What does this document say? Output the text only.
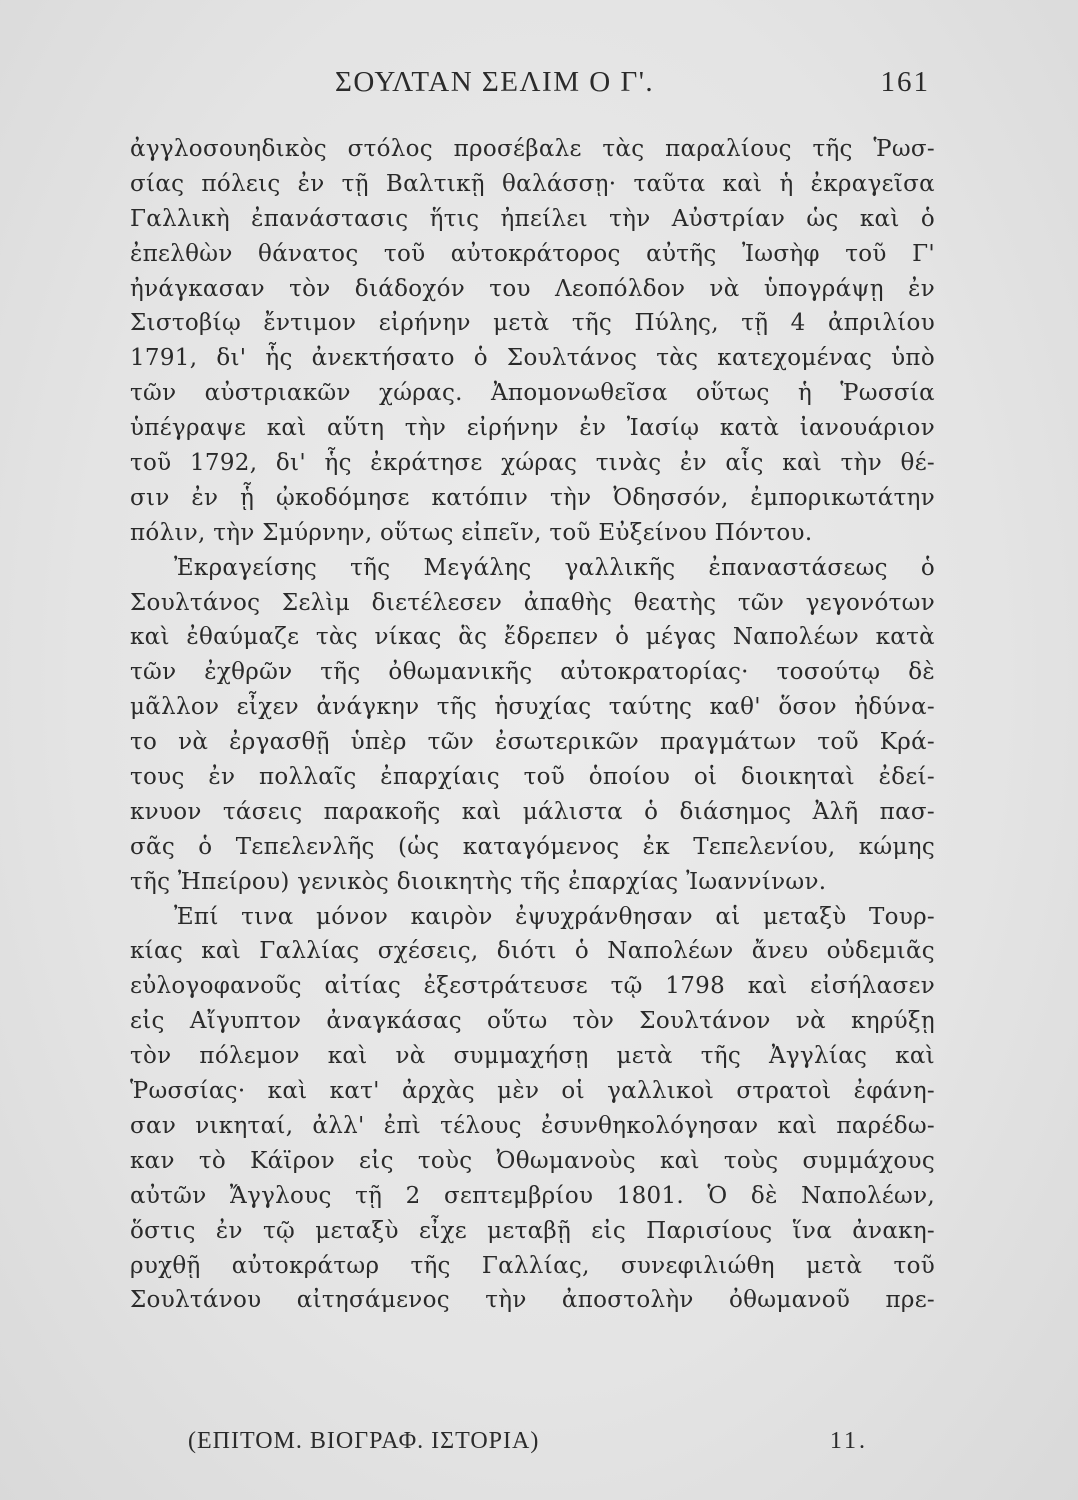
ΣΟΥΛΤΑΝ ΣΕΛΙΜ Ο Γ'.	161
ἀγγλοσουηδικὸς στόλος προσέβαλε τὰς παραλίους τῆς Ῥωσ-
σίας πόλεις ἐν τῇ Βαλτικῇ θαλάσσῃ· ταῦτα καὶ ἡ ἐκραγεῖσα
Γαλλικὴ ἐπανάστασις ἥτις ἠπείλει τὴν Αὐστρίαν ὡς καὶ ὁ
ἐπελθὼν θάνατος τοῦ αὐτοκράτορος αὐτῆς Ἰωσὴφ τοῦ Γ'
ἠνάγκασαν τὸν διάδοχόν του Λεοπόλδον νὰ ὑπογράψῃ ἐν
Σιστοβίῳ ἔντιμον εἰρήνην μετὰ τῆς Πύλης, τῇ 4 ἀπριλίου
1791, δι' ἧς ἀνεκτήσατο ὁ Σουλτάνος τὰς κατεχομένας ὑπὸ
τῶν αὐστριακῶν χώρας. Ἀπομονωθεῖσα οὕτως ἡ Ῥωσσία
ὑπέγραψε καὶ αὕτη τὴν εἰρήνην ἐν Ἰασίῳ κατὰ ἰανουάριον
τοῦ 1792, δι' ἧς ἐκράτησε χώρας τινὰς ἐν αἷς καὶ τὴν θέ-
σιν ἐν ᾗ ᾠκοδόμησε κατόπιν τὴν Ὀδησσόν, ἐμπορικωτάτην
πόλιν, τὴν Σμύρνην, οὕτως εἰπεῖν, τοῦ Εὐξείνου Πόντου.
Ἐκραγείσης τῆς Μεγάλης γαλλικῆς ἐπαναστάσεως ὁ
Σουλτάνος Σελὶμ διετέλεσεν ἀπαθὴς θεατὴς τῶν γεγονότων
καὶ ἐθαύμαζε τὰς νίκας ἃς ἔδρεπεν ὁ μέγας Ναπολέων κατὰ
τῶν ἐχθρῶν τῆς ὀθωμανικῆς αὐτοκρατορίας· τοσούτῳ δὲ
μᾶλλον εἶχεν ἀνάγκην τῆς ἡσυχίας ταύτης καθ' ὅσον ἠδύνα-
το νὰ ἐργασθῇ ὑπὲρ τῶν ἐσωτερικῶν πραγμάτων τοῦ Κρά-
τους ἐν πολλαῖς ἐπαρχίαις τοῦ ὁποίου οἱ διοικηταὶ ἐδεί-
κνυον τάσεις παρακοῆς καὶ μάλιστα ὁ διάσημος Ἀλῆ πασ-
σᾶς ὁ Τεπελενλῆς (ὡς καταγόμενος ἐκ Τεπελενίου, κώμης
τῆς Ἠπείρου) γενικὸς διοικητὴς τῆς ἐπαρχίας Ἰωαννίνων.
Ἐπί τινα μόνον καιρὸν ἐψυχράνθησαν αἱ μεταξὺ Τουρ-
κίας καὶ Γαλλίας σχέσεις, διότι ὁ Ναπολέων ἄνευ οὐδεμιᾶς
εὐλογοφανοῦς αἰτίας ἐξεστράτευσε τῷ 1798 καὶ εἰσήλασεν
εἰς Αἴγυπτον ἀναγκάσας οὕτω τὸν Σουλτάνον νὰ κηρύξῃ
τὸν πόλεμον καὶ νὰ συμμαχήσῃ μετὰ τῆς Ἀγγλίας καὶ
Ῥωσσίας· καὶ κατ' ἀρχὰς μὲν οἱ γαλλικοὶ στρατοὶ ἐφάνη-
σαν νικηταί, ἀλλ' ἐπὶ τέλους ἐσυνθηκολόγησαν καὶ παρέδω-
καν τὸ Κάϊρον εἰς τοὺς Ὀθωμανοὺς καὶ τοὺς συμμάχους
αὐτῶν Ἄγγλους τῇ 2 σεπτεμβρίου 1801. Ὁ δὲ Ναπολέων,
ὅστις ἐν τῷ μεταξὺ εἶχε μεταβῇ εἰς Παρισίους ἵνα ἀνακη-
ρυχθῇ αὐτοκράτωρ τῆς Γαλλίας, συνεφιλιώθη μετὰ τοῦ
Σουλτάνου αἰτησάμενος τὴν ἀποστολὴν ὀθωμανοῦ πρε-
(ΕΠΙΤΟΜ. ΒΙΟΓΡΑΦ. ΙΣΤΟΡΙΑ)	11.
